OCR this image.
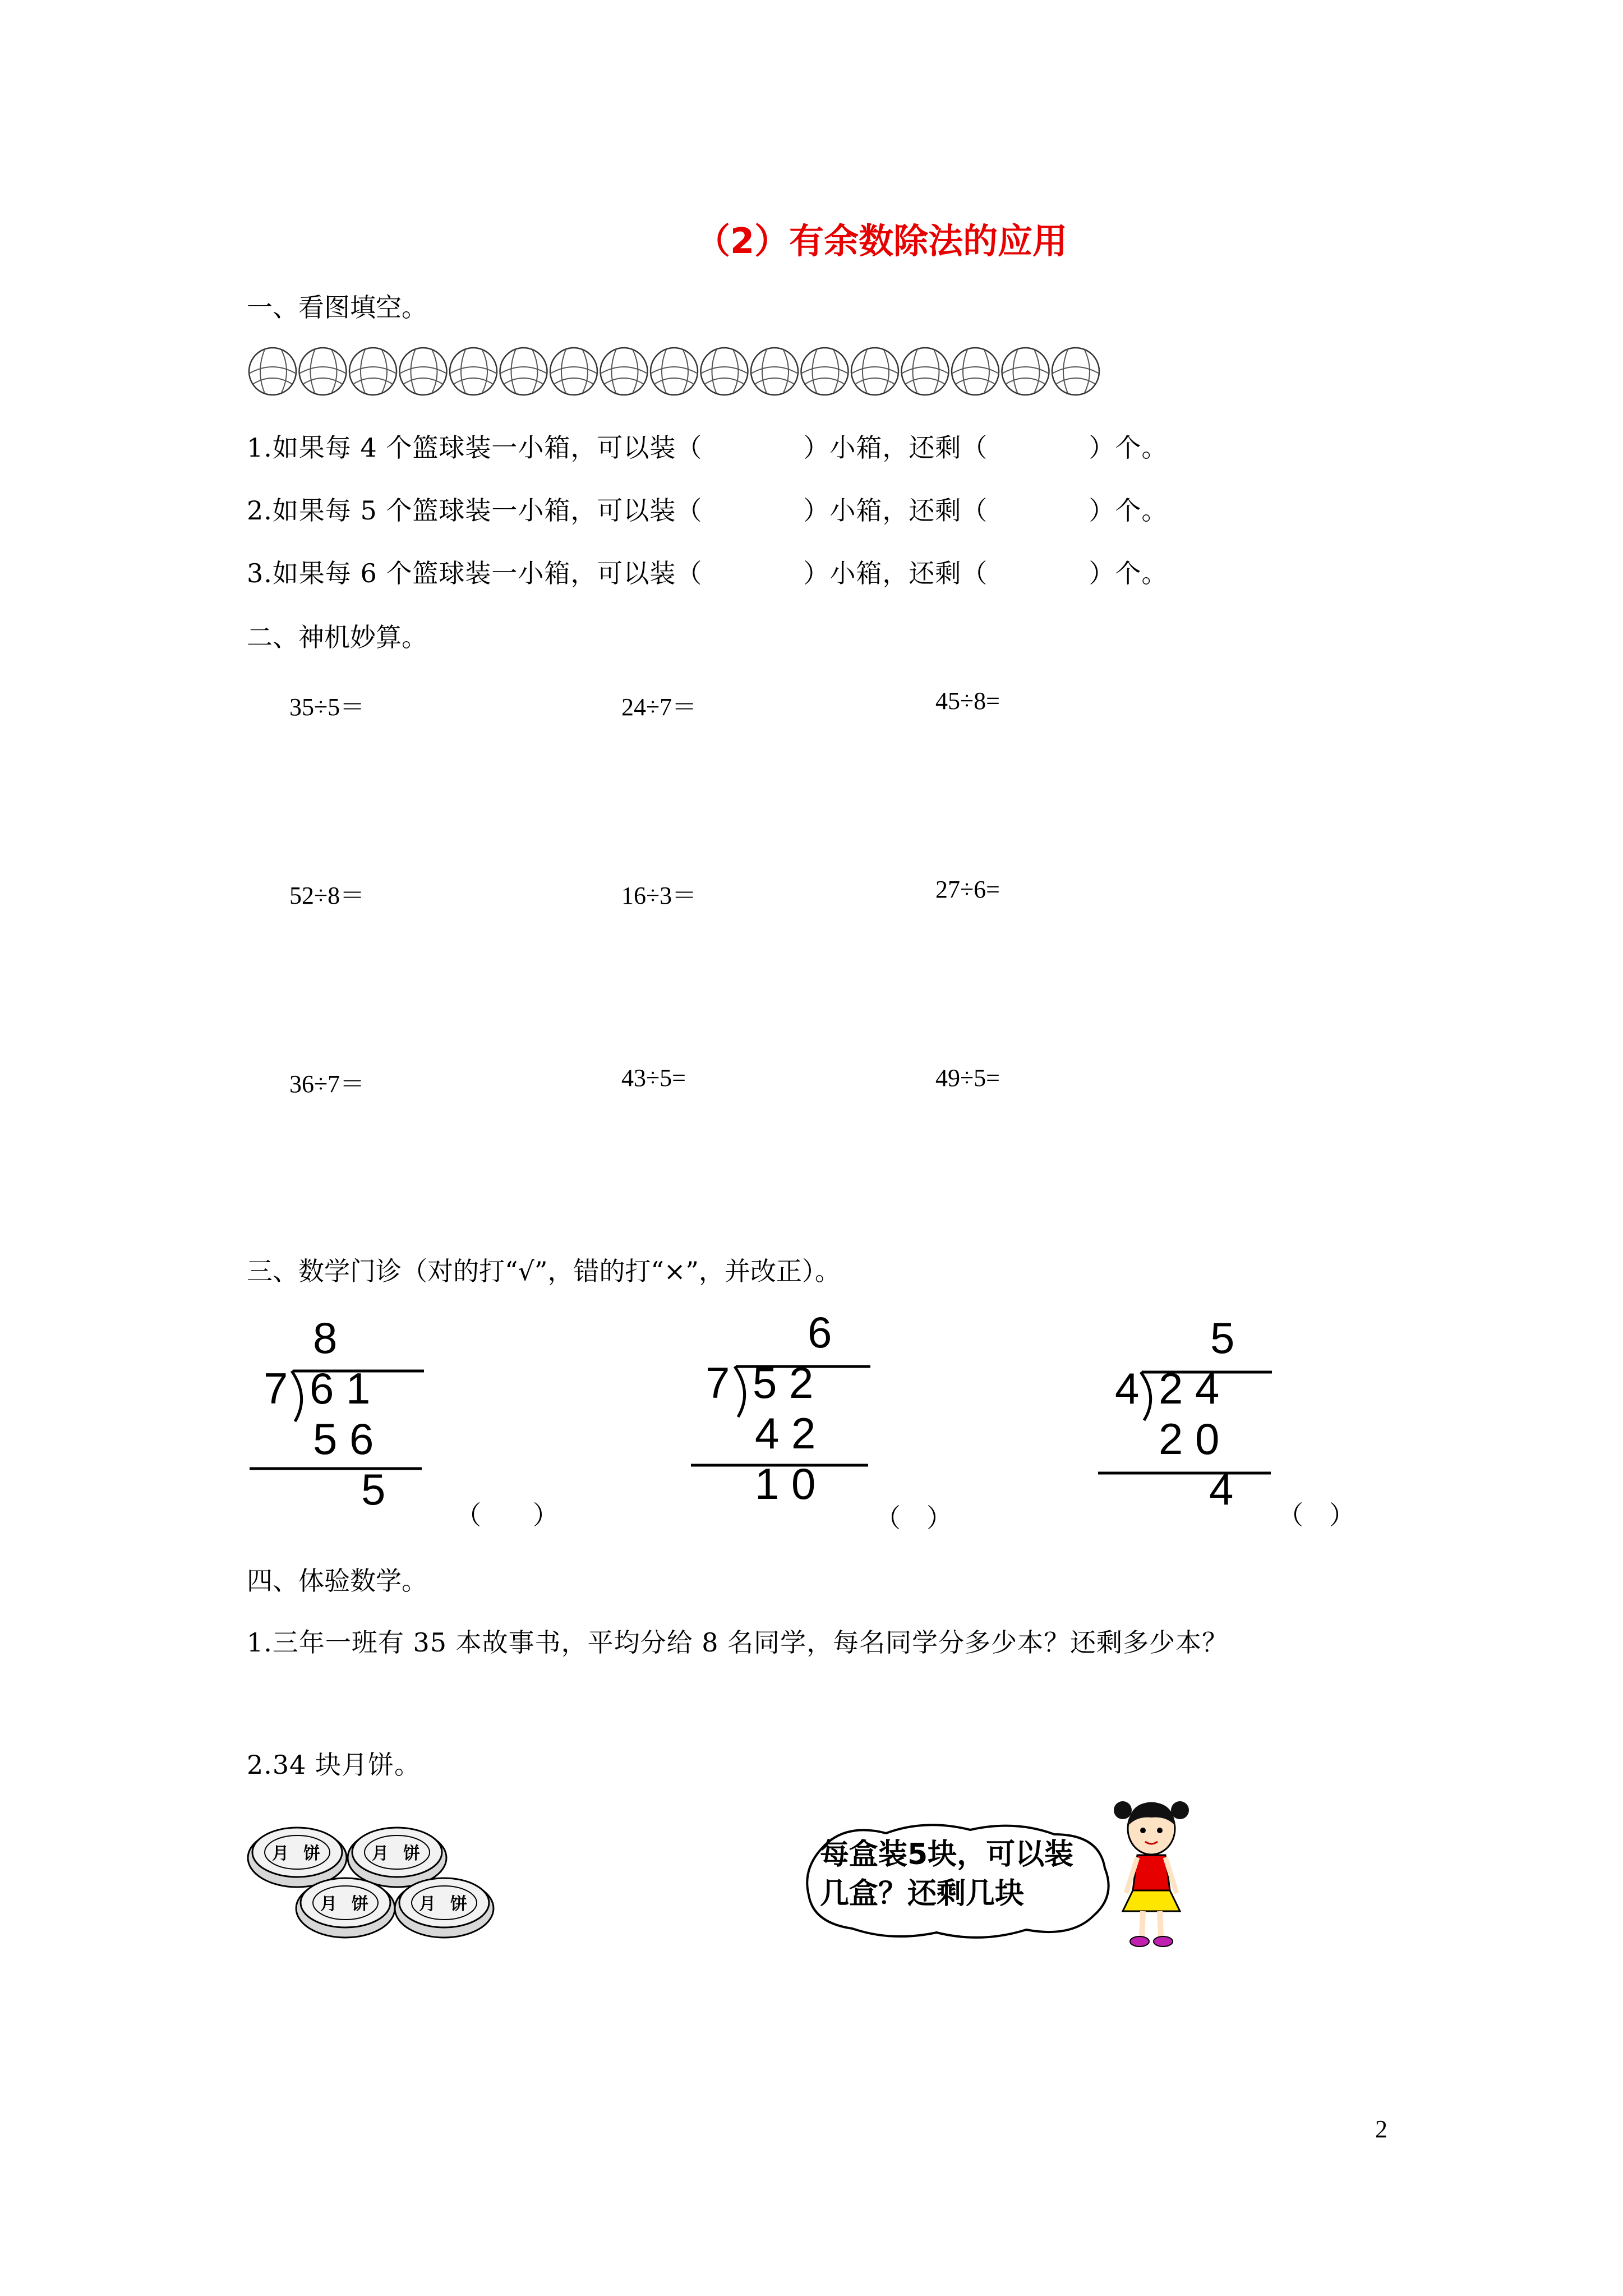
（2）有余数除法的应用
一、看图填空。
1.如果每 4 个篮球装一小箱，可以装（	）小箱，还剩（	）个。
2.如果每 5 个篮球装一小箱，可以装（	）小箱，还剩（	）个。
3.如果每 6 个篮球装一小箱，可以装（	）小箱，还剩（	）个。
二、神机妙算。
35÷5＝	24÷7＝	45÷8=
52÷8＝	16÷3＝	27÷6=
36÷7＝	43÷5=	49÷5=
三、数学门诊（对的打“√”，错的打“×”，并改正）。
8
7 6 1
5 6
5
（　　）
6
7 5 2
4 2
1 0
（　）
5
4 2 4
2 0
4
（　）
四、体验数学。
1.三年一班有 35 本故事书，平均分给 8 名同学，每名同学分多少本？还剩多少本？
2.34 块月饼。
月 饼	月 饼
月 饼	月 饼
每盒装5块，可以装
几盒？还剩几块
2
